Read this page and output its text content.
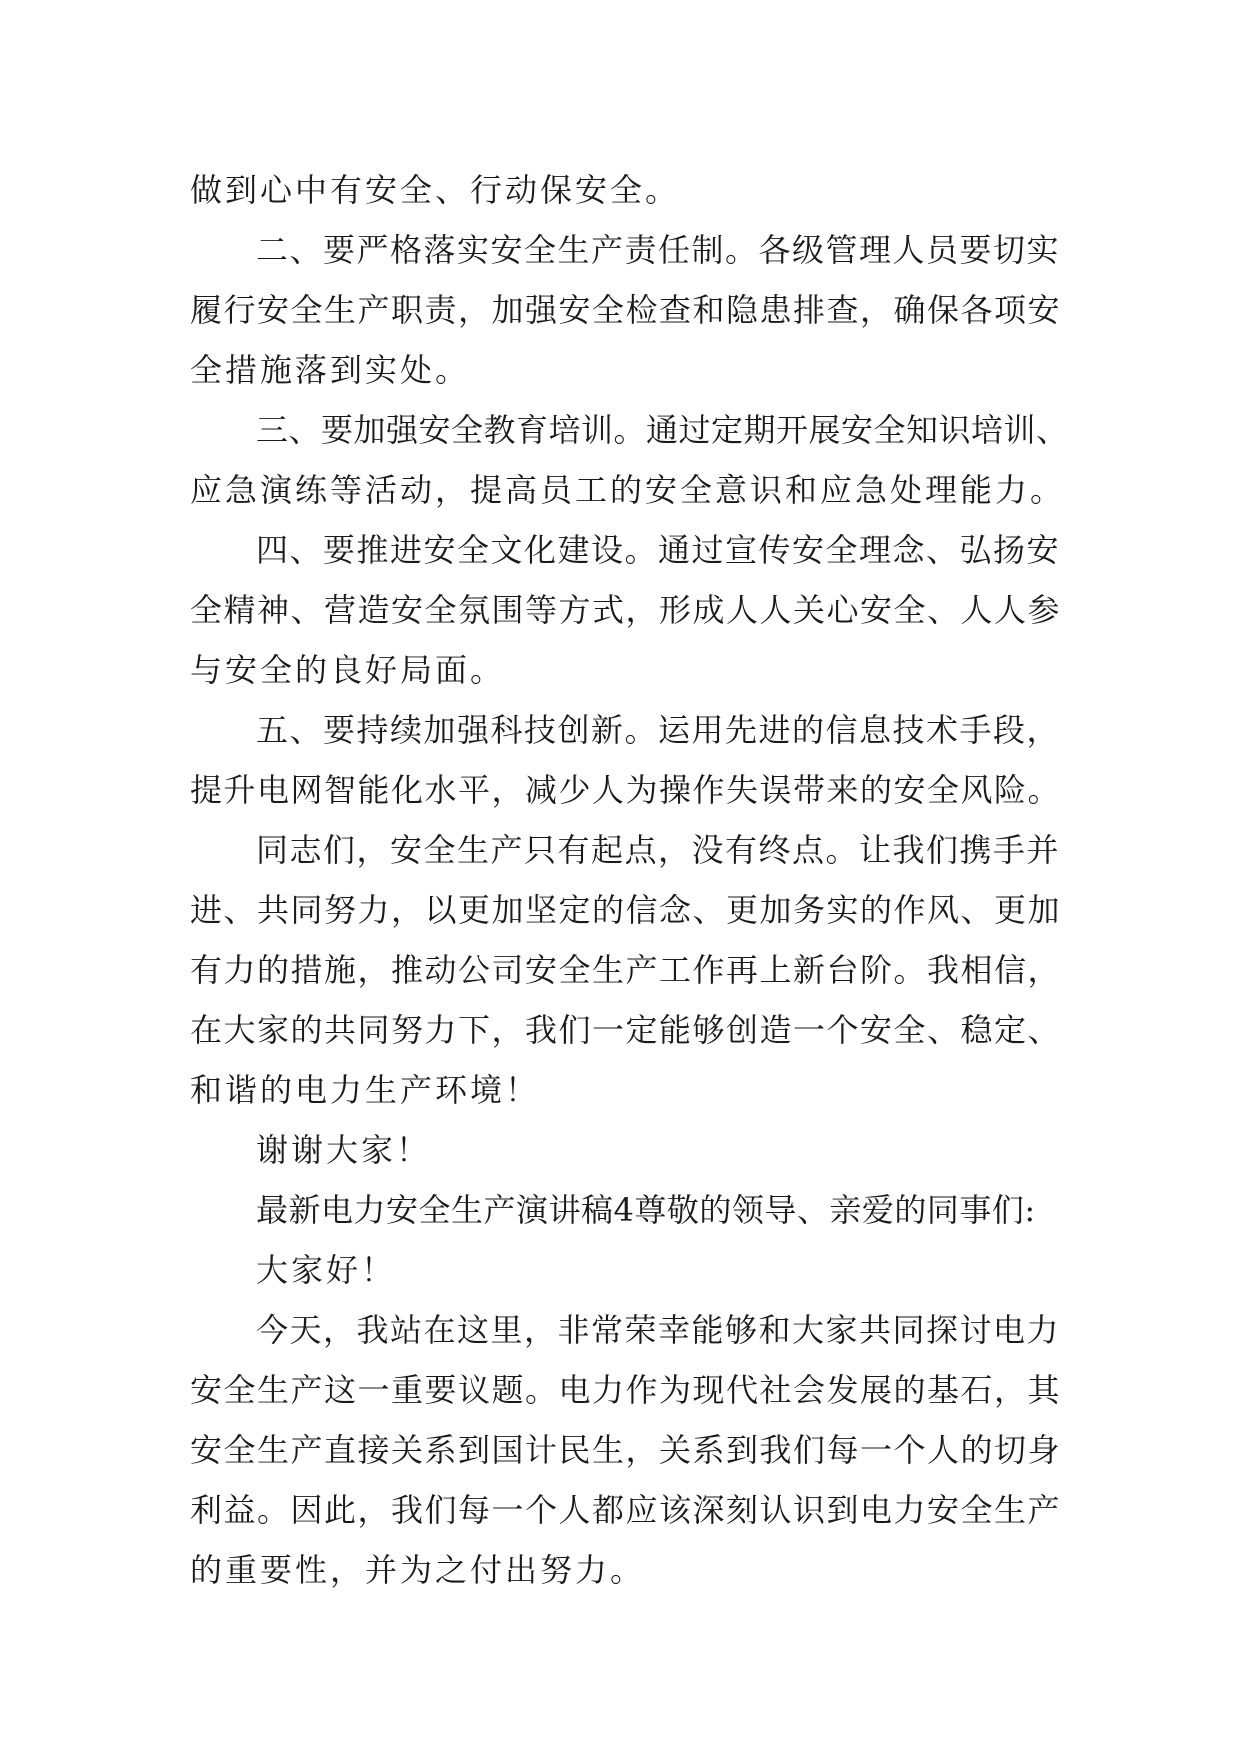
做到心中有安全、行动保安全。
二、要严格落实安全生产责任制。各级管理人员要切实
履行安全生产职责，加强安全检查和隐患排查，确保各项安
全措施落到实处。
三、要加强安全教育培训。通过定期开展安全知识培训、
应急演练等活动，提高员工的安全意识和应急处理能力。
四、要推进安全文化建设。通过宣传安全理念、弘扬安
全精神、营造安全氛围等方式，形成人人关心安全、人人参
与安全的良好局面。
五、要持续加强科技创新。运用先进的信息技术手段，
提升电网智能化水平，减少人为操作失误带来的安全风险。
同志们，安全生产只有起点，没有终点。让我们携手并
进、共同努力，以更加坚定的信念、更加务实的作风、更加
有力的措施，推动公司安全生产工作再上新台阶。我相信，
在大家的共同努力下，我们一定能够创造一个安全、稳定、
和谐的电力生产环境！
谢谢大家！
最新电力安全生产演讲稿4尊敬的领导、亲爱的同事们:
大家好！
今天，我站在这里，非常荣幸能够和大家共同探讨电力
安全生产这一重要议题。电力作为现代社会发展的基石，其
安全生产直接关系到国计民生，关系到我们每一个人的切身
利益。因此，我们每一个人都应该深刻认识到电力安全生产
的重要性，并为之付出努力。
